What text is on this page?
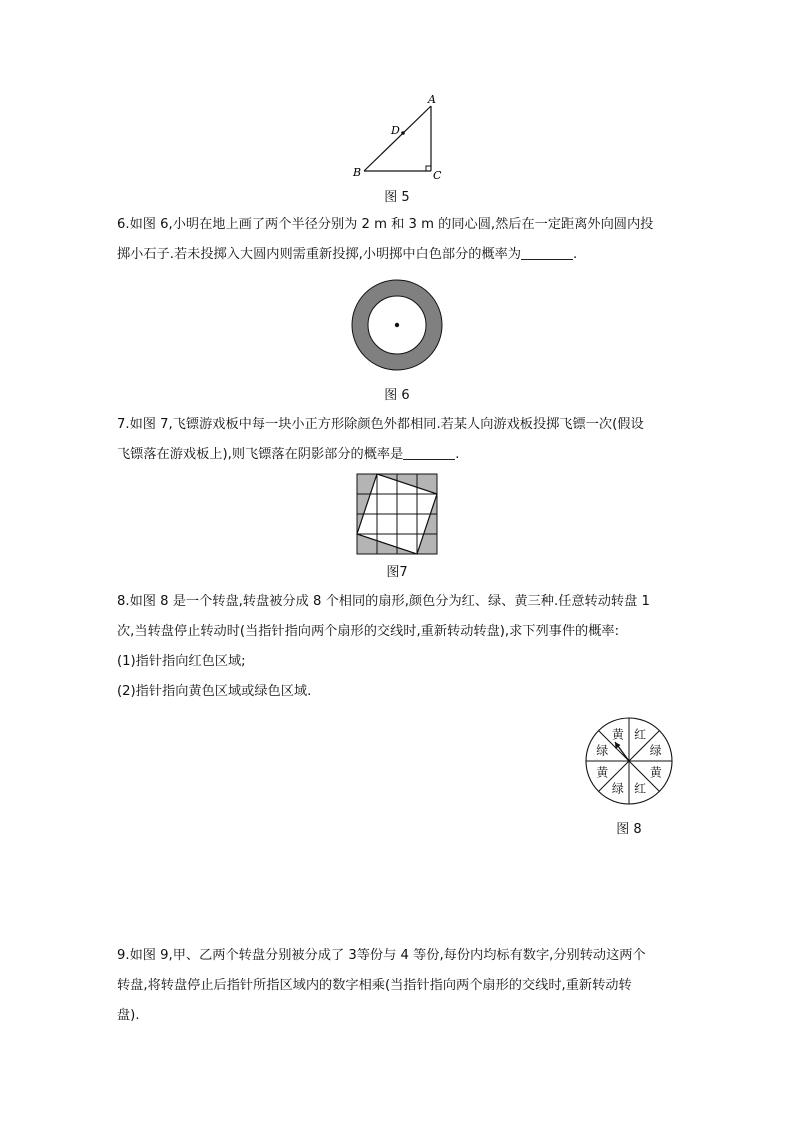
A
B	C
D
图 5
6.如图 6,小明在地上画了两个半径分别为 2 m 和 3 m 的同心圆,然后在一定距离外向圆内投
掷小石子.若未投掷入大圆内则需重新投掷,小明掷中白色部分的概率为	.
图 6
7.如图 7,飞镖游戏板中每一块小正方形除颜色外都相同.若某人向游戏板投掷飞镖一次(假设
飞镖落在游戏板上),则飞镖落在阴影部分的概率是	.
图7
8.如图 8 是一个转盘,转盘被分成 8 个相同的扇形,颜色分为红、绿、黄三种.任意转动转盘 1
次,当转盘停止转动时(当指针指向两个扇形的交线时,重新转动转盘),求下列事件的概率:
(1)指针指向红色区域;
(2)指针指向黄色区域或绿色区域.
黄 红
绿
黄
红
绿
黄
绿
图 8
9.如图 9,甲、乙两个转盘分别被分成了 3等份与 4 等份,每份内均标有数字,分别转动这两个
转盘,将转盘停止后指针所指区域内的数字相乘(当指针指向两个扇形的交线时,重新转动转
盘).
